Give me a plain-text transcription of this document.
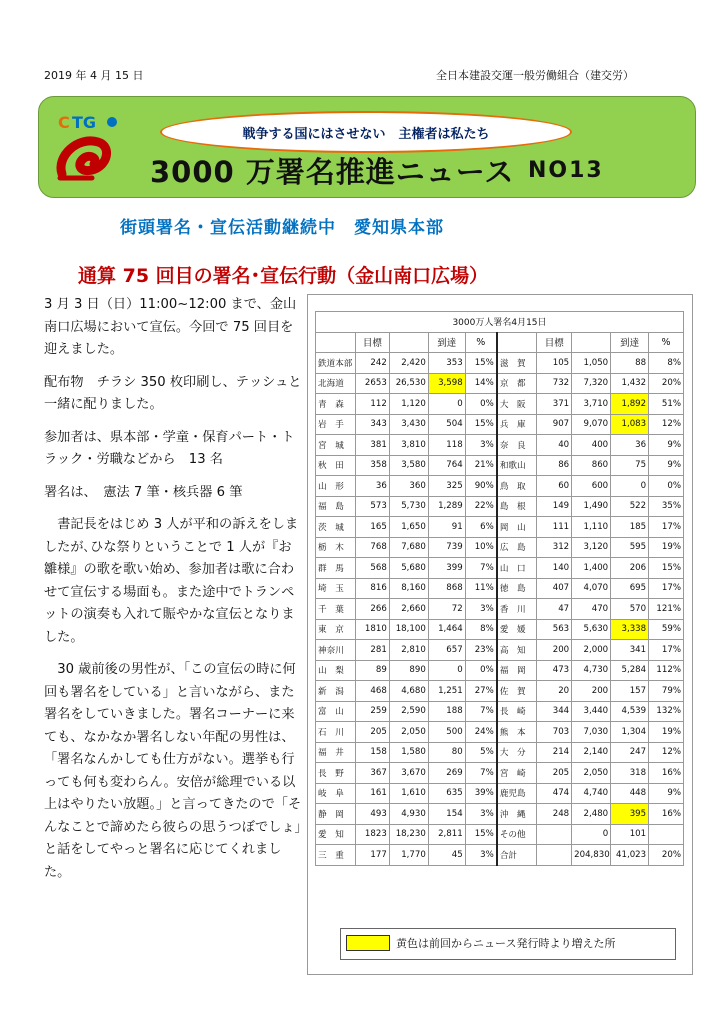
2019 年 4 月 15 日	全日本建設交運一般労働組合（建交労）
C TG
戦争する国にはさせない　主権者は私たち
3000 万署名推進ニュース NO13
街頭署名・宣伝活動継続中　愛知県本部
通算 75 回目の署名･宣伝行動（金山南口広場）

3 月 3 日（日）11:00~12:00 まで、金山南口広場において宣伝。今回で 75 回目を迎えました。

配布物　チラシ 350 枚印刷し、テッシュと一緒に配りました。

参加者は、県本部・学童・保育パート・トラック・労職などから　13 名

署名は、　憲法 7 筆・核兵器 6 筆

書記長をはじめ 3 人が平和の訴えをしましたが､ひな祭りということで 1 人が『お雛様』の歌を歌い始め、参加者は歌に合わせて宣伝する場面も。また途中でトランペットの演奏も入れて賑やかな宣伝となりました。

30 歳前後の男性が、「この宣伝の時に何回も署名をしている」と言いながら、また署名をしていきました。署名コーナーに来ても、なかなか署名しない年配の男性は、「署名なんかしても仕方がない。選挙も行っても何も変わらん。安倍が総理でいる以上はやりたい放題。」と言ってきたので「そんなことで諦めたら彼らの思うつぼでしょ」と話をしてやっと署名に応じてくれました。

3000万人署名4月15日									
	目標		到達	%		目標		到達	%
鉄道本部	242	2,420	353	15%	滋　賀	105	1,050	88	8%
北海道	2653	26,530	3,598	14%	京　都	732	7,320	1,432	20%
青　森	112	1,120	0	0%	大　阪	371	3,710	1,892	51%
岩　手	343	3,430	504	15%	兵　庫	907	9,070	1,083	12%
宮　城	381	3,810	118	3%	奈　良	40	400	36	9%
秋　田	358	3,580	764	21%	和歌山	86	860	75	9%
山　形	36	360	325	90%	鳥　取	60	600	0	0%
福　島	573	5,730	1,289	22%	島　根	149	1,490	522	35%
茨　城	165	1,650	91	6%	岡　山	111	1,110	185	17%
栃　木	768	7,680	739	10%	広　島	312	3,120	595	19%
群　馬	568	5,680	399	7%	山　口	140	1,400	206	15%
埼　玉	816	8,160	868	11%	徳　島	407	4,070	695	17%
千　葉	266	2,660	72	3%	香　川	47	470	570	121%
東　京	1810	18,100	1,464	8%	愛　媛	563	5,630	3,338	59%
神奈川	281	2,810	657	23%	高　知	200	2,000	341	17%
山　梨	89	890	0	0%	福　岡	473	4,730	5,284	112%
新　潟	468	4,680	1,251	27%	佐　賀	20	200	157	79%
富　山	259	2,590	188	7%	長　崎	344	3,440	4,539	132%
石　川	205	2,050	500	24%	熊　本	703	7,030	1,304	19%
福　井	158	1,580	80	5%	大　分	214	2,140	247	12%
長　野	367	3,670	269	7%	宮　崎	205	2,050	318	16%
岐　阜	161	1,610	635	39%	鹿児島	474	4,740	448	9%
静　岡	493	4,930	154	3%	沖　縄	248	2,480	395	16%
愛　知	1823	18,230	2,811	15%	その他		0	101	
三　重	177	1,770	45	3%	合計		204,830	41,023	20%
黄色は前回からニュース発行時より増えた所
